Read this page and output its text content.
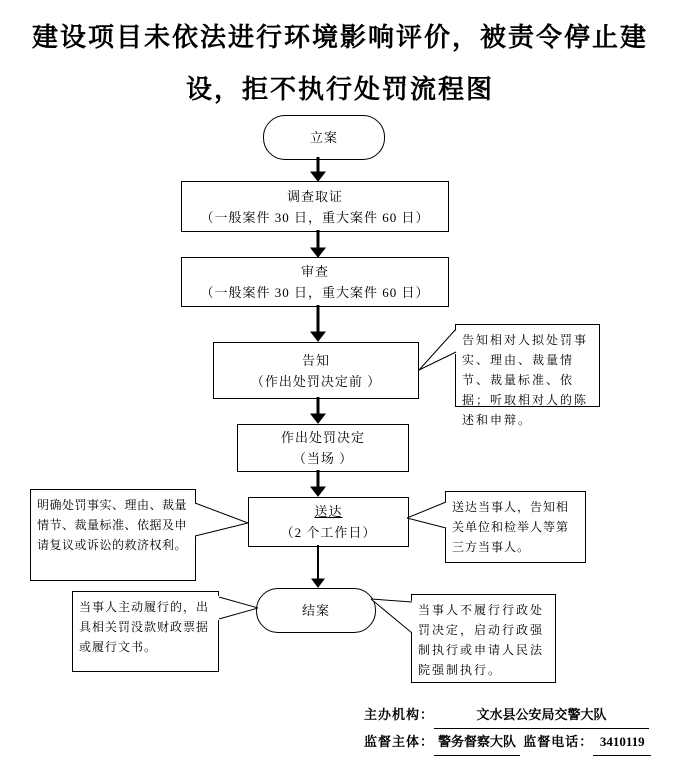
建设项目未依法进行环境影响评价，被责令停止建
设，拒不执行处罚流程图
立案
调查取证
（一般案件 30 日，重大案件 60 日）
审查
（一般案件 30 日，重大案件 60 日）
告知
（作出处罚决定前 ）
作出处罚决定
（当场 ）
送达
（2 个工作日）
结案
告知相对人拟处罚事实、理由、裁量情节、裁量标准、依据；听取相对人的陈述和申辩。
明确处罚事实、理由、裁量情节、裁量标准、依据及申请复议或诉讼的救济权利。
送达当事人，告知相关单位和检举人等第三方当事人。
当事人主动履行的，出具相关罚没款财政票据或履行文书。
当事人不履行行政处罚决定，启动行政强制执行或申请人民法院强制执行。
主办机构：	文水县公安局交警大队
监督主体： 警务督察大队 监督电话： 3410119
